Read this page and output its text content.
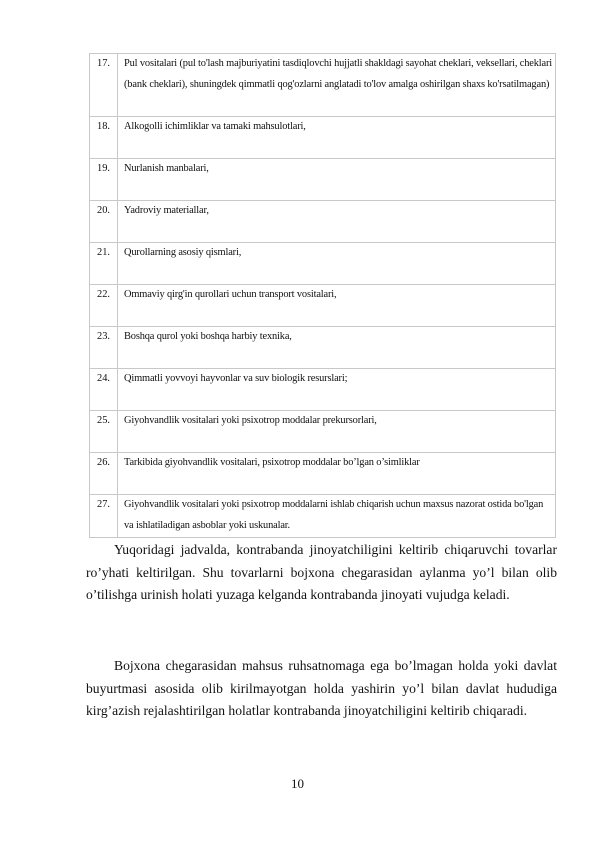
17.	Pul vositalari (pul to'lash majburiyatini tasdiqlovchi hujjatli shakldagi sayohat cheklari, veksellari, cheklari (bank cheklari), shuningdek qimmatli qog'ozlarni anglatadi to'lov amalga oshirilgan shaxs ko'rsatilmagan)
18.	Alkogolli ichimliklar va tamaki mahsulotlari,
19.	Nurlanish manbalari,
20.	Yadroviy materiallar,
21.	Qurollarning asosiy qismlari,
22.	Ommaviy qirg'in qurollari uchun transport vositalari,
23.	Boshqa qurol yoki boshqa harbiy texnika,
24.	Qimmatli yovvoyi hayvonlar va suv biologik resurslari;
25.	Giyohvandlik vositalari yoki psixotrop moddalar prekursorlari,
26.	Tarkibida giyohvandlik vositalari, psixotrop moddalar bo’lgan o’simliklar
27.	Giyohvandlik vositalari yoki psixotrop moddalarni ishlab chiqarish uchun maxsus nazorat ostida bo'lgan va ishlatiladigan asboblar yoki uskunalar.

Yuqoridagi jadvalda, kontrabanda jinoyatchiligini keltirib chiqaruvchi tovarlar ro’yhati keltirilgan. Shu tovarlarni bojxona chegarasidan aylanma yo’l bilan olib o’tilishga urinish holati yuzaga kelganda kontrabanda jinoyati vujudga keladi.

Bojxona chegarasidan mahsus ruhsatnomaga ega bo’lmagan holda yoki davlat buyurtmasi asosida olib kirilmayotgan holda yashirin yo’l bilan davlat hududiga kirg’azish rejalashtirilgan holatlar kontrabanda jinoyatchiligini keltirib chiqaradi.

10
